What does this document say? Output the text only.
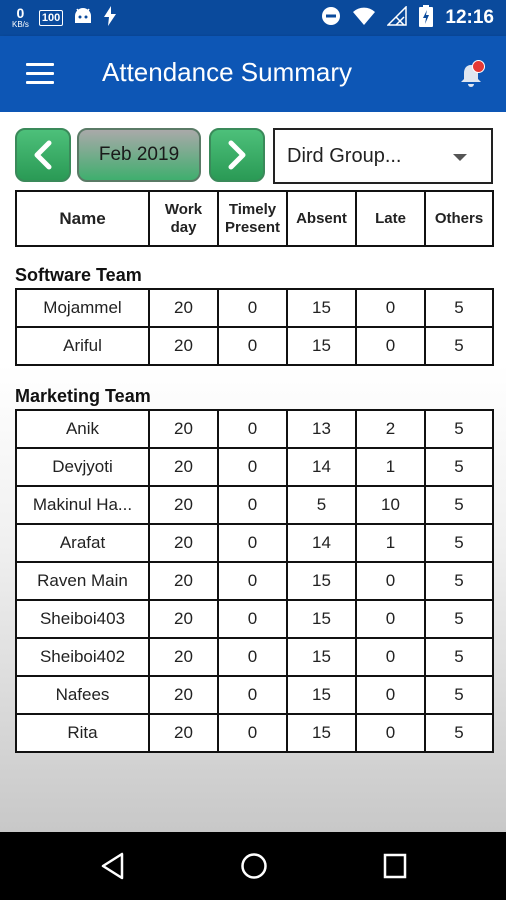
0
KB/s
100	12:16
Attendance Summary
Feb 2019	Dird Group...
Name	Work day	Timely Present	Absent	Late	Others
Software Team
Mojammel	20	0	15	0	5
Ariful	20	0	15	0	5
Marketing Team
Anik	20	0	13	2	5
Devjyoti	20	0	14	1	5
Makinul Ha...	20	0	5	10	5
Arafat	20	0	14	1	5
Raven Main	20	0	15	0	5
Sheiboi403	20	0	15	0	5
Sheiboi402	20	0	15	0	5
Nafees	20	0	15	0	5
Rita	20	0	15	0	5
